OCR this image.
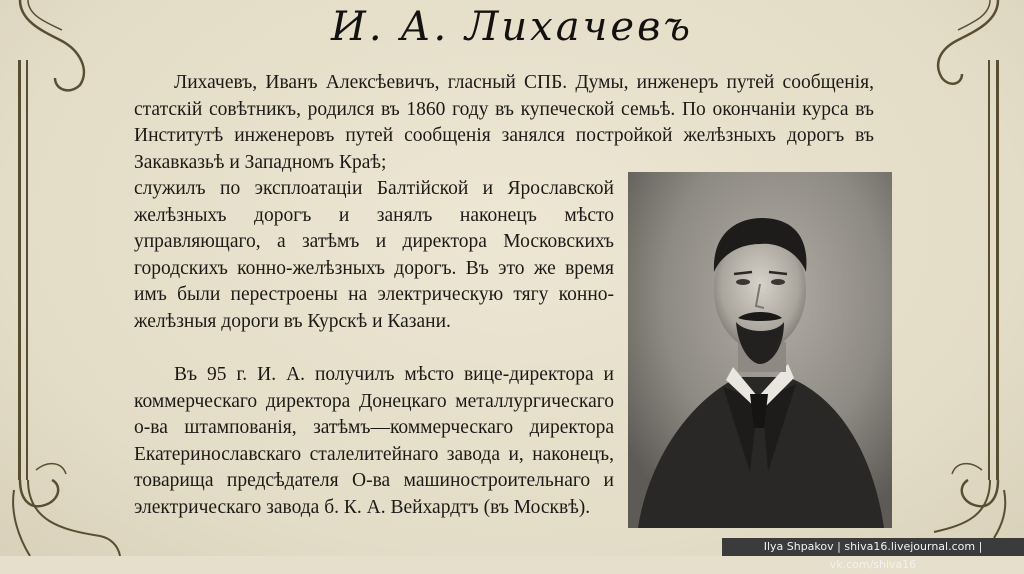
И. А. Лихачевъ

Лихачевъ, Иванъ Алексѣевичъ, гласный СПБ. Думы, инженеръ путей сообщенія, статскій совѣтникъ, родился въ 1860 году въ купеческой семьѣ. По окончаніи курса въ Институтѣ инженеровъ путей сообщенія занялся постройкой желѣзныхъ дорогъ въ Закавказьѣ и Западномъ Краѣ;

служилъ по эксплоатаціи Балтійской и Ярославской желѣзныхъ дорогъ и занялъ наконецъ мѣсто управляющаго, а затѣмъ и директора Московскихъ городскихъ конно-желѣзныхъ дорогъ. Въ это же время имъ были перестроены на электрическую тягу конно-желѣзныя дороги въ Курскѣ и Казани.

Въ 95 г. И. А. получилъ мѣсто вице-директора и коммерческаго директора Донецкаго металлургическаго о-ва штампованія, затѣмъ—коммерческаго директора Екатеринославскаго сталелитейнаго завода и, наконецъ, товарища предсѣдателя О-ва машиностроительнаго и электрическаго завода б. К. А. Вейхардтъ (въ Москвѣ).

Ilya Shpakov | shiva16.livejournal.com | vk.com/shiva16
